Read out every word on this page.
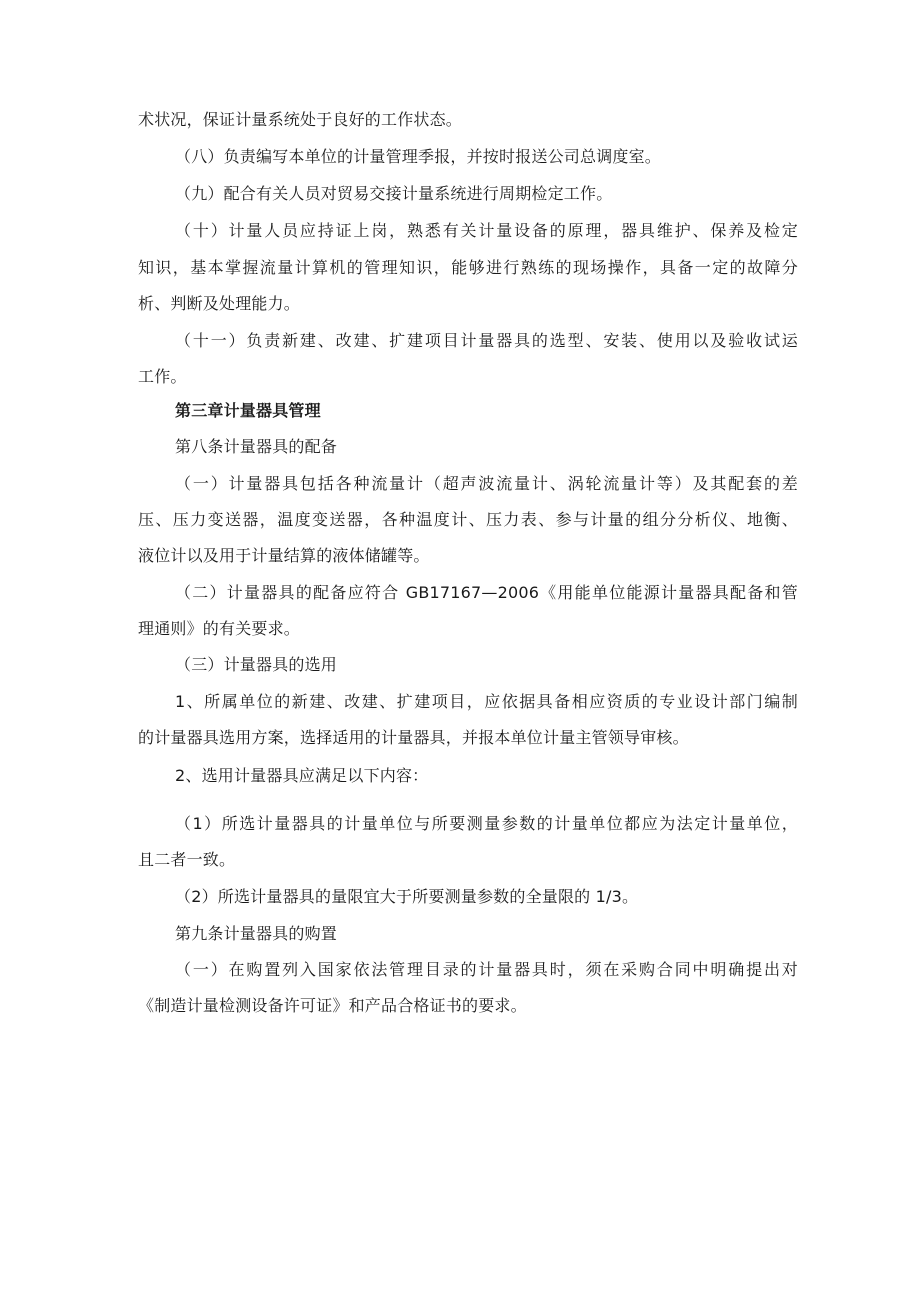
术状况，保证计量系统处于良好的工作状态。
（八）负责编写本单位的计量管理季报，并按时报送公司总调度室。
（九）配合有关人员对贸易交接计量系统进行周期检定工作。
（十）计量人员应持证上岗，熟悉有关计量设备的原理，器具维护、保养及检定
知识，基本掌握流量计算机的管理知识，能够进行熟练的现场操作，具备一定的故障分
析、判断及处理能力。
（十一）负责新建、改建、扩建项目计量器具的选型、安装、使用以及验收试运
工作。
第三章计量器具管理
第八条计量器具的配备
（一）计量器具包括各种流量计（超声波流量计、涡轮流量计等）及其配套的差
压、压力变送器，温度变送器，各种温度计、压力表、参与计量的组分分析仪、地衡、
液位计以及用于计量结算的液体储罐等。
（二）计量器具的配备应符合 GB17167—2006《用能单位能源计量器具配备和管
理通则》的有关要求。
（三）计量器具的选用
1、所属单位的新建、改建、扩建项目，应依据具备相应资质的专业设计部门编制
的计量器具选用方案，选择适用的计量器具，并报本单位计量主管领导审核。
2、选用计量器具应满足以下内容：
（1）所选计量器具的计量单位与所要测量参数的计量单位都应为法定计量单位，
且二者一致。
（2）所选计量器具的量限宜大于所要测量参数的全量限的 1/3。
第九条计量器具的购置
（一）在购置列入国家依法管理目录的计量器具时，须在采购合同中明确提出对
《制造计量检测设备许可证》和产品合格证书的要求。
